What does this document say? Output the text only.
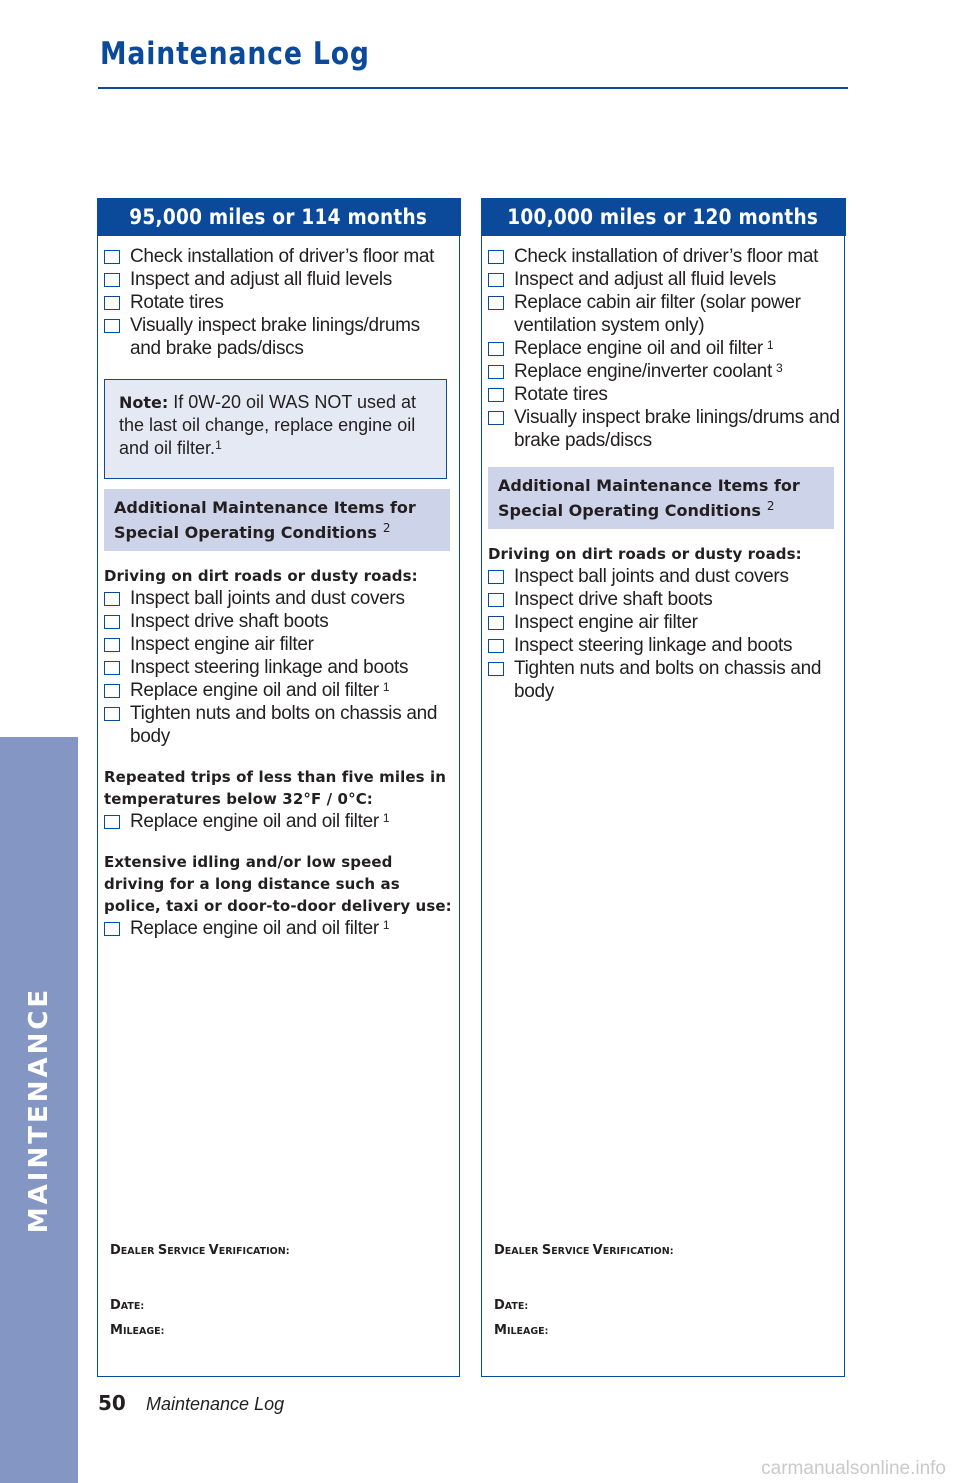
MAINTENANCE
Maintenance Log
95,000 miles or 114 months
Check installation of driver’s floor mat
Inspect and adjust all fluid levels
Rotate tires
Visually inspect brake linings/drums and brake pads/discs
Note: If 0W-20 oil WAS NOT used at the last oil change, replace engine oil and oil filter.$^1$
Additional Maintenance Items for
Special Operating Conditions $^2$
Driving on dirt roads or dusty roads:
Inspect ball joints and dust covers
Inspect drive shaft boots
Inspect engine air filter
Inspect steering linkage and boots
Replace engine oil and oil filter $^1$
Tighten nuts and bolts on chassis and body
Repeated trips of less than five miles in temperatures below 32°F / 0°C:
Replace engine oil and oil filter $^1$
Extensive idling and/or low speed driving for a long distance such as police, taxi or door-to-door delivery use:
Replace engine oil and oil filter $^1$
DEALER SERVICE VERIFICATION:
DATE:
MILEAGE:
100,000 miles or 120 months
Check installation of driver’s floor mat
Inspect and adjust all fluid levels
Replace cabin air filter (solar power ventilation system only)
Replace engine oil and oil filter $^1$
Replace engine/inverter coolant $^3$
Rotate tires
Visually inspect brake linings/drums and brake pads/discs
Additional Maintenance Items for
Special Operating Conditions $^2$
Driving on dirt roads or dusty roads:
Inspect ball joints and dust covers
Inspect drive shaft boots
Inspect engine air filter
Inspect steering linkage and boots
Tighten nuts and bolts on chassis and body
DEALER SERVICE VERIFICATION:
DATE:
MILEAGE:
50 Maintenance Log
carmanualsonline.info
